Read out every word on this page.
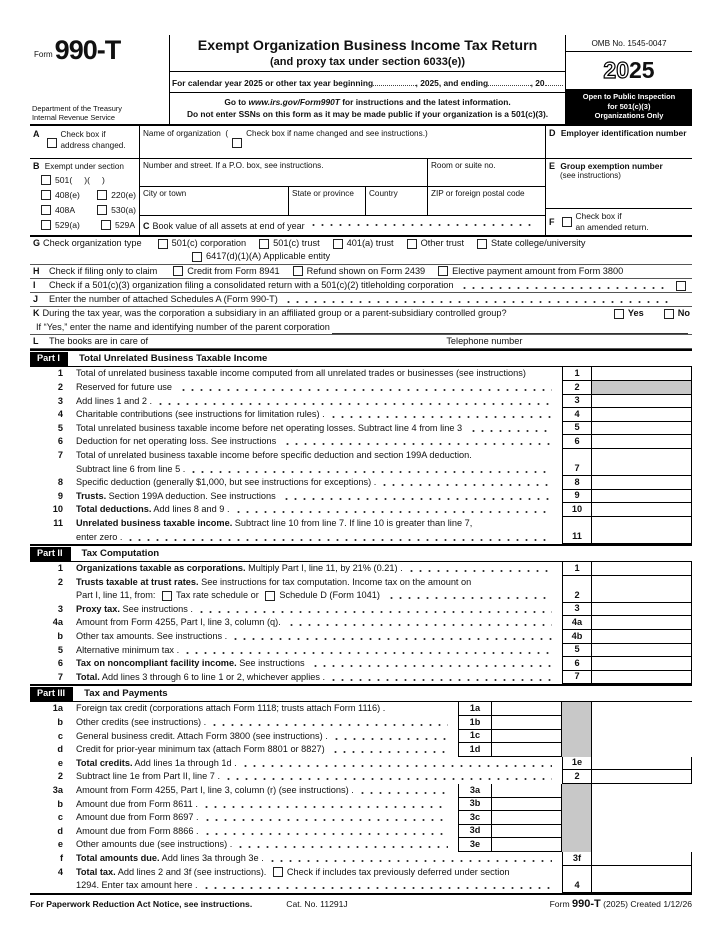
Form 990-T
Department of the Treasury
Internal Revenue Service
Exempt Organization Business Income Tax Return
(and proxy tax under section 6033(e))
For calendar year 2025 or other tax year beginning	, 2025, and ending	, 20
Go to www.irs.gov/Form990T for instructions and the latest information.
Do not enter SSNs on this form as it may be made public if your organization is a 501(c)(3).
OMB No. 1545-0047
20 25
Open to Public Inspection
for 501(c)(3)
Organizations Only
A	Check box if
address changed.
B Exempt under section
501( )( )
408(e)	220(e)
408A	530(a)
529(a)	529A
Name of organization  ( Check box if name changed and see instructions.)
Number and street. If a P.O. box, see instructions.	Room or suite no.
City or town	State or province	Country	ZIP or foreign postal code
C Book value of all assets at end of year
D Employer identification number
E Group exemption number
(see instructions)
F
Check box if
an amended return.
G Check organization type	501(c) corporation	501(c) trust	401(a) trust	Other trust	State college/university
6417(d)(1)(A) Applicable entity
H	Check if filing only to claim	Credit from Form 8941	Refund shown on Form 2439	Elective payment amount from Form 3800
I	Check if a 501(c)(3) organization filing a consolidated return with a 501(c)(2) titleholding corporation
J	Enter the number of attached Schedules A (Form 990-T)
K During the tax year, was the corporation a subsidiary in an affiliated group or a parent-subsidiary controlled group?	Yes	No
If “Yes,” enter the name and identifying number of the parent corporation
L	The books are in care of	Telephone number
Part I	Total Unrelated Business Taxable Income
1	Total of unrelated business taxable income computed from all unrelated trades or businesses (see instructions)	1
2	Reserved for future use	2
3	Add lines 1 and 2 .	3
4	Charitable contributions (see instructions for limitation rules) .	4
5	Total unrelated business taxable income before net operating losses. Subtract line 4 from line 3	5
6	Deduction for net operating loss. See instructions	6
7	Total of unrelated business taxable income before specific deduction and section 199A deduction.
Subtract line 6 from line 5 .	7
8	Specific deduction (generally $1,000, but see instructions for exceptions) .	8
9	Trusts. Section 199A deduction. See instructions	9
10	Total deductions. Add lines 8 and 9 .	10
11	Unrelated business taxable income. Subtract line 10 from line 7. If line 10 is greater than line 7,
enter zero .	11
Part II	Tax Computation
1	Organizations taxable as corporations. Multiply Part I, line 11, by 21% (0.21) .	1
2	Trusts taxable at trust rates. See instructions for tax computation. Income tax on the amount on
Part I, line 11, from: Tax rate schedule or Schedule D (Form 1041)	2
3	Proxy tax. See instructions .	3
4a	Amount from Form 4255, Part I, line 3, column (q).	4a
b	Other tax amounts. See instructions .	4b
5	Alternative minimum tax .	5
6	Tax on noncompliant facility income. See instructions	6
7	Total. Add lines 3 through 6 to line 1 or 2, whichever applies .	7
Part III	Tax and Payments
1a	Foreign tax credit (corporations attach Form 1118; trusts attach Form 1116) .	1a
b	Other credits (see instructions) .	1b
c	General business credit. Attach Form 3800 (see instructions) .	1c
d	Credit for prior-year minimum tax (attach Form 8801 or 8827)	1d
e	Total credits. Add lines 1a through 1d .	1e
2	Subtract line 1e from Part II, line 7 .	2
3a	Amount from Form 4255, Part I, line 3, column (r) (see instructions) .	3a
b	Amount due from Form 8611 .	3b
c	Amount due from Form 8697 .	3c
d	Amount due from Form 8866 .	3d
e	Other amounts due (see instructions) .	3e
f	Total amounts due. Add lines 3a through 3e .	3f
4	Total tax. Add lines 2 and 3f (see instructions). Check if includes tax previously deferred under section
1294. Enter tax amount here .	4
For Paperwork Reduction Act Notice, see instructions.	Cat. No. 11291J	Form 990-T (2025) Created 1/12/26
